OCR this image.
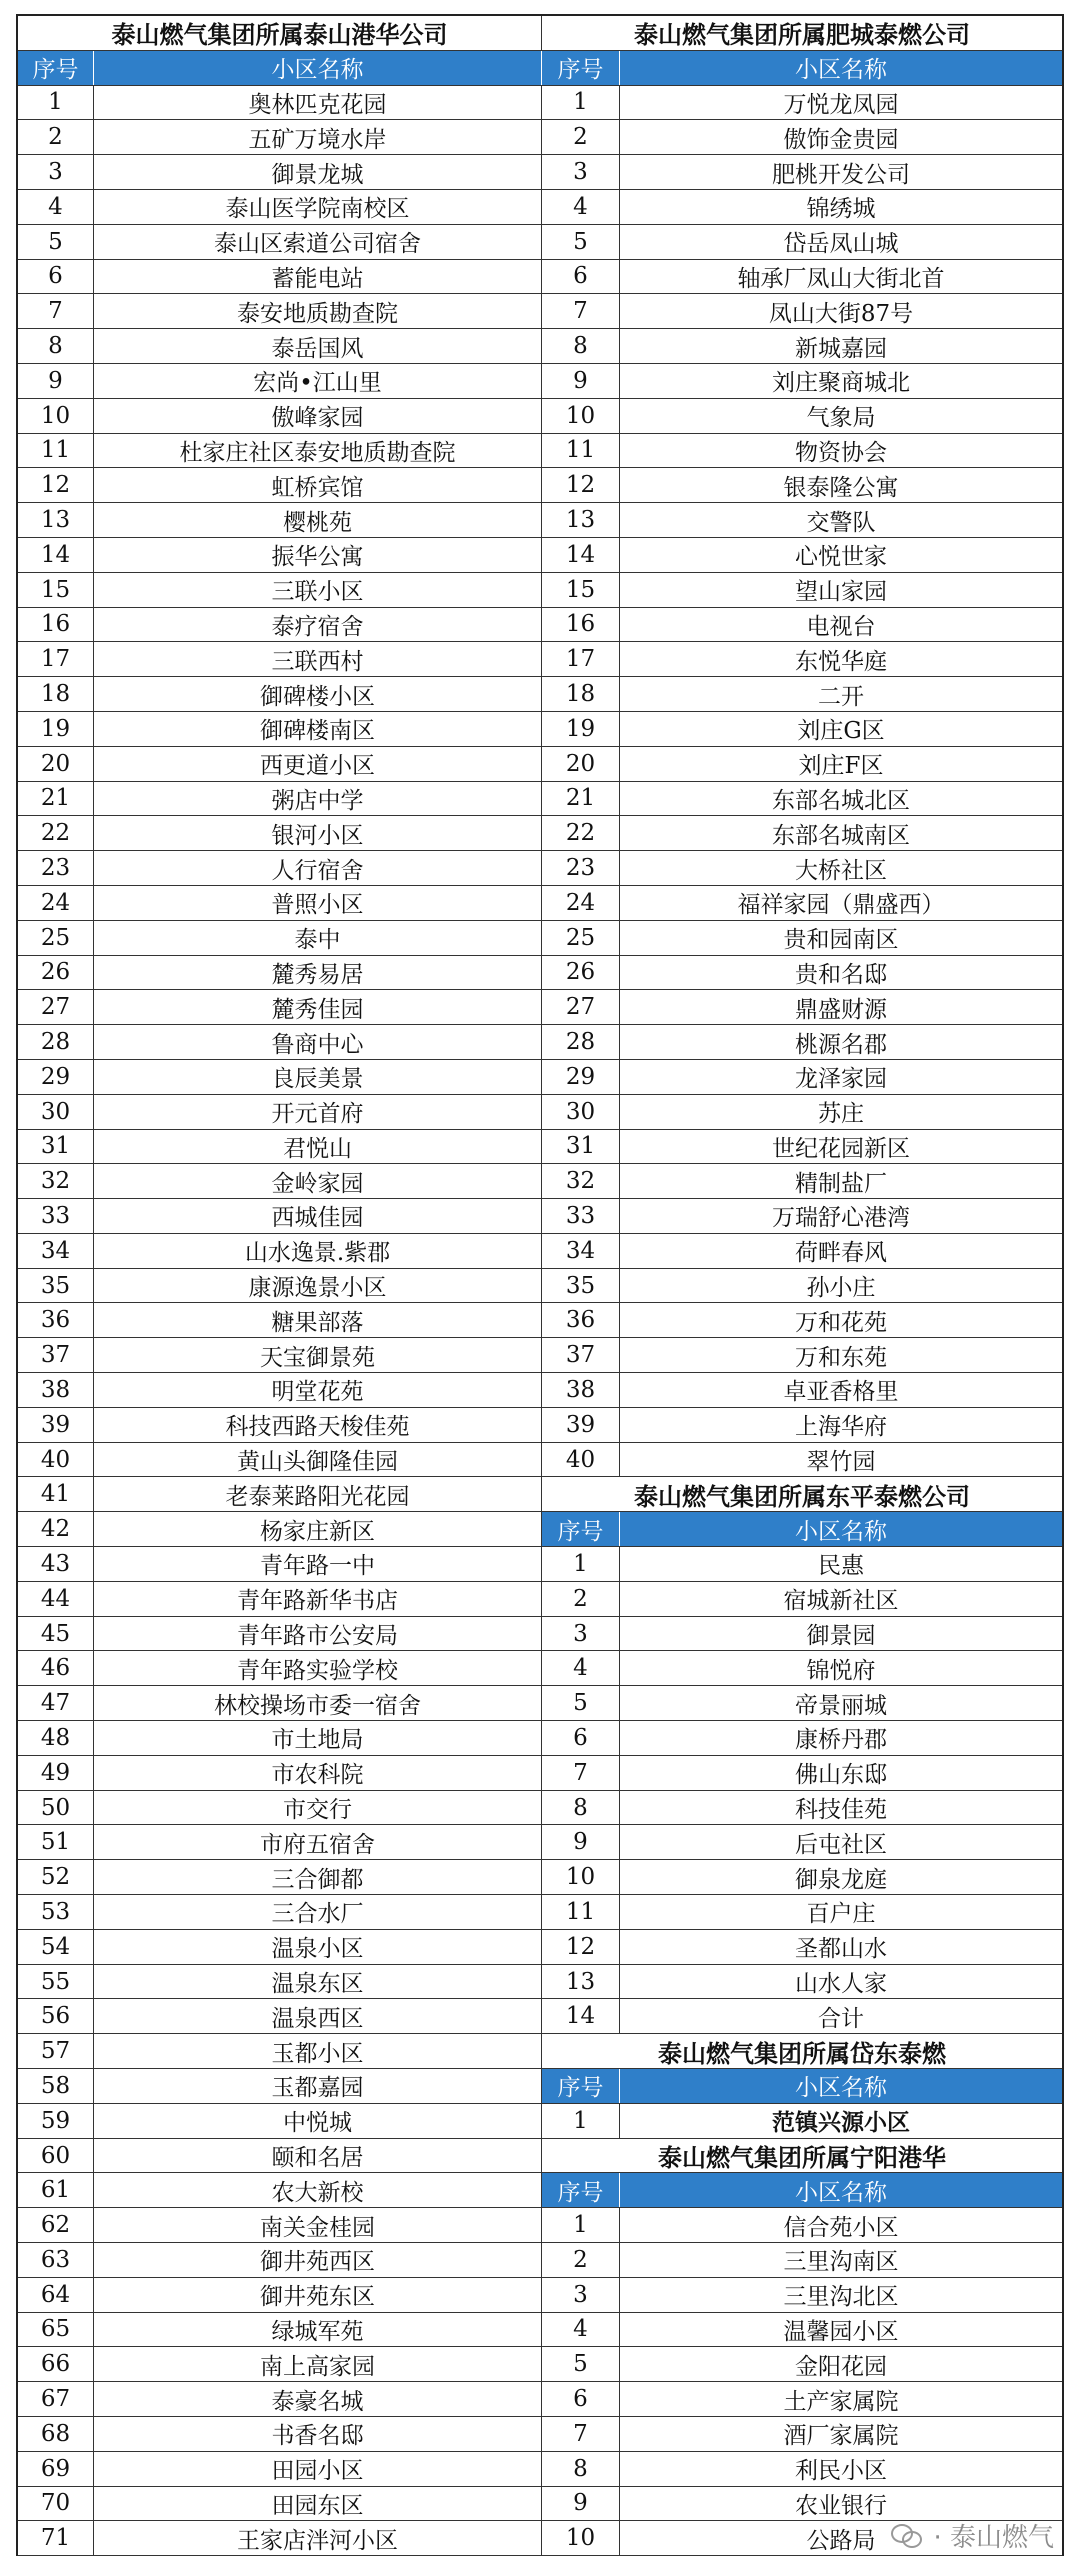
泰山燃气集团所属泰山港华公司
序号	小区名称
1	奥林匹克花园
2	五矿万境水岸
3	御景龙城
4	泰山医学院南校区
5	泰山区索道公司宿舍
6	蓄能电站
7	泰安地质勘查院
8	泰岳国风
9	宏尚•江山里
10	傲峰家园
11	杜家庄社区泰安地质勘查院
12	虹桥宾馆
13	樱桃苑
14	振华公寓
15	三联小区
16	泰疗宿舍
17	三联西村
18	御碑楼小区
19	御碑楼南区
20	西更道小区
21	粥店中学
22	银河小区
23	人行宿舍
24	普照小区
25	泰中
26	麓秀易居
27	麓秀佳园
28	鲁商中心
29	良辰美景
30	开元首府
31	君悦山
32	金岭家园
33	西城佳园
34	山水逸景.紫郡
35	康源逸景小区
36	糖果部落
37	天宝御景苑
38	明堂花苑
39	科技西路天梭佳苑
40	黄山头御隆佳园
41	老泰莱路阳光花园
42	杨家庄新区
43	青年路一中
44	青年路新华书店
45	青年路市公安局
46	青年路实验学校
47	林校操场市委一宿舍
48	市土地局
49	市农科院
50	市交行
51	市府五宿舍
52	三合御都
53	三合水厂
54	温泉小区
55	温泉东区
56	温泉西区
57	玉都小区
58	玉都嘉园
59	中悦城
60	颐和名居
61	农大新校
62	南关金桂园
63	御井苑西区
64	御井苑东区
65	绿城军苑
66	南上高家园
67	泰豪名城
68	书香名邸
69	田园小区
70	田园东区
71	王家店泮河小区
泰山燃气集团所属肥城泰燃公司
序号	小区名称
1	万悦龙凤园
2	傲饰金贵园
3	肥桃开发公司
4	锦绣城
5	岱岳凤山城
6	轴承厂凤山大街北首
7	凤山大街87号
8	新城嘉园
9	刘庄聚商城北
10	气象局
11	物资协会
12	银泰隆公寓
13	交警队
14	心悦世家
15	望山家园
16	电视台
17	东悦华庭
18	二开
19	刘庄G区
20	刘庄F区
21	东部名城北区
22	东部名城南区
23	大桥社区
24	福祥家园（鼎盛西）
25	贵和园南区
26	贵和名邸
27	鼎盛财源
28	桃源名郡
29	龙泽家园
30	苏庄
31	世纪花园新区
32	精制盐厂
33	万瑞舒心港湾
34	荷畔春风
35	孙小庄
36	万和花苑
37	万和东苑
38	卓亚香格里
39	上海华府
40	翠竹园
泰山燃气集团所属东平泰燃公司
序号	小区名称
1	民惠
2	宿城新社区
3	御景园
4	锦悦府
5	帝景丽城
6	康桥丹郡
7	佛山东邸
8	科技佳苑
9	后屯社区
10	御泉龙庭
11	百户庄
12	圣都山水
13	山水人家
14	合计
泰山燃气集团所属岱东泰燃
序号	小区名称
1	范镇兴源小区
泰山燃气集团所属宁阳港华
序号	小区名称
1	信合苑小区
2	三里沟南区
3	三里沟北区
4	温馨园小区
5	金阳花园
6	土产家属院
7	酒厂家属院
8	利民小区
9	农业银行
10	公路局	· 泰山燃气
